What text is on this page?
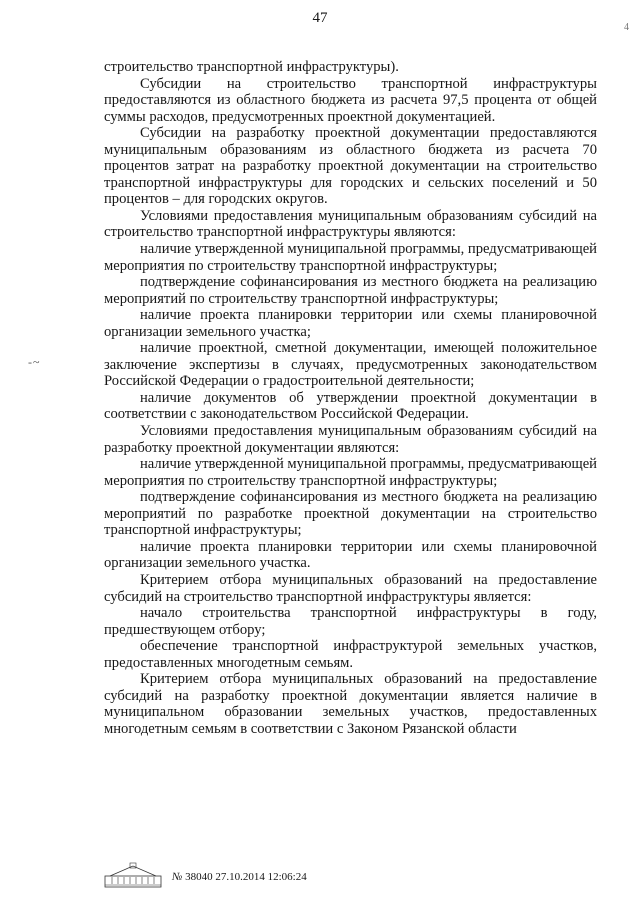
47
4
- ~

строительство транспортной инфраструктуры).

Субсидии на строительство транспортной инфраструктуры предоставляются из областного бюджета из расчета 97,5 процента от общей суммы расходов, предусмотренных проектной документацией.

Субсидии на разработку проектной документации предоставляются муниципальным образованиям из областного бюджета из расчета 70 процентов затрат на разработку проектной документации на строительство транспортной инфраструктуры для городских и сельских поселений и 50 процентов – для городских округов.

Условиями предоставления муниципальным образованиям субсидий на строительство транспортной инфраструктуры являются:

наличие утвержденной муниципальной программы, предусматривающей мероприятия по строительству транспортной инфраструктуры;

подтверждение софинансирования из местного бюджета на реализацию мероприятий по строительству транспортной инфраструктуры;

наличие проекта планировки территории или схемы планировочной организации земельного участка;

наличие проектной, сметной документации, имеющей положительное заключение экспертизы в случаях, предусмотренных законодательством Российской Федерации о градостроительной деятельности;

наличие документов об утверждении проектной документации в соответствии с законодательством Российской Федерации.

Условиями предоставления муниципальным образованиям субсидий на разработку проектной документации являются:

наличие утвержденной муниципальной программы, предусматривающей мероприятия по строительству транспортной инфраструктуры;

подтверждение софинансирования из местного бюджета на реализацию мероприятий по разработке проектной документации на строительство транспортной инфраструктуры;

наличие проекта планировки территории или схемы планировочной организации земельного участка.

Критерием отбора муниципальных образований на предоставление субсидий на строительство транспортной инфраструктуры является:

начало строительства транспортной инфраструктуры в году, предшествующем отбору;

обеспечение транспортной инфраструктурой земельных участков, предоставленных многодетным семьям.

Критерием отбора муниципальных образований на предоставление субсидий на разработку проектной документации является наличие в муниципальном образовании земельных участков, предоставленных многодетным семьям в соответствии с Законом Рязанской области

№ 38040 27.10.2014 12:06:24
